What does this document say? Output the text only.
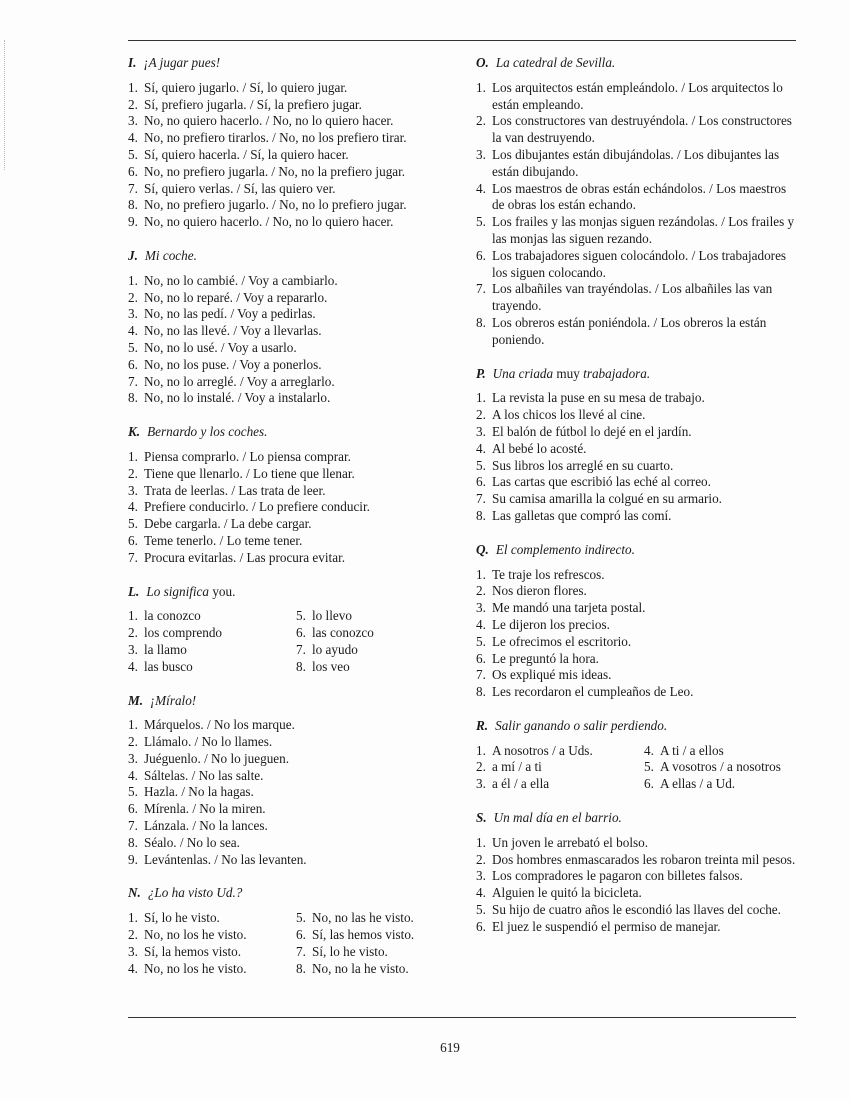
I. ¡A jugar pues!
1. Sí, quiero jugarlo. / Sí, lo quiero jugar.
2. Sí, prefiero jugarla. / Sí, la prefiero jugar.
3. No, no quiero hacerlo. / No, no lo quiero hacer.
4. No, no prefiero tirarlos. / No, no los prefiero tirar.
5. Sí, quiero hacerla. / Sí, la quiero hacer.
6. No, no prefiero jugarla. / No, no la prefiero jugar.
7. Sí, quiero verlas. / Sí, las quiero ver.
8. No, no prefiero jugarlo. / No, no lo prefiero jugar.
9. No, no quiero hacerlo. / No, no lo quiero hacer.
J. Mi coche.
1. No, no lo cambié. / Voy a cambiarlo.
2. No, no lo reparé. / Voy a repararlo.
3. No, no las pedí. / Voy a pedirlas.
4. No, no las llevé. / Voy a llevarlas.
5. No, no lo usé. / Voy a usarlo.
6. No, no los puse. / Voy a ponerlos.
7. No, no lo arreglé. / Voy a arreglarlo.
8. No, no lo instalé. / Voy a instalarlo.
K. Bernardo y los coches.
1. Piensa comprarlo. / Lo piensa comprar.
2. Tiene que llenarlo. / Lo tiene que llenar.
3. Trata de leerlas. / Las trata de leer.
4. Prefiere conducirlo. / Lo prefiere conducir.
5. Debe cargarla. / La debe cargar.
6. Teme tenerlo. / Lo teme tener.
7. Procura evitarlas. / Las procura evitar.
L. Lo significa you.
1. la conozco	5. lo llevo
2. los comprendo	6. las conozco
3. la llamo	7. lo ayudo
4. las busco	8. los veo
M. ¡Míralo!
1. Márquelos. / No los marque.
2. Llámalo. / No lo llames.
3. Juéguenlo. / No lo jueguen.
4. Sáltelas. / No las salte.
5. Hazla. / No la hagas.
6. Mírenla. / No la miren.
7. Lánzala. / No la lances.
8. Séalo. / No lo sea.
9. Levántenlas. / No las levanten.
N. ¿Lo ha visto Ud.?
1. Sí, lo he visto.	5. No, no las he visto.
2. No, no los he visto.	6. Sí, las hemos visto.
3. Sí, la hemos visto.	7. Sí, lo he visto.
4. No, no los he visto.	8. No, no la he visto.
O. La catedral de Sevilla.
1. Los arquitectos están empleándolo. / Los arquitectos lo están empleando.
2. Los constructores van destruyéndola. / Los constructores la van destruyendo.
3. Los dibujantes están dibujándolas. / Los dibujantes las están dibujando.
4. Los maestros de obras están echándolos. / Los maestros de obras los están echando.
5. Los frailes y las monjas siguen rezándolas. / Los frailes y las monjas las siguen rezando.
6. Los trabajadores siguen colocándolo. / Los trabajadores los siguen colocando.
7. Los albañiles van trayéndolas. / Los albañiles las van trayendo.
8. Los obreros están poniéndola. / Los obreros la están poniendo.
P. Una criada muy trabajadora.
1. La revista la puse en su mesa de trabajo.
2. A los chicos los llevé al cine.
3. El balón de fútbol lo dejé en el jardín.
4. Al bebé lo acosté.
5. Sus libros los arreglé en su cuarto.
6. Las cartas que escribió las eché al correo.
7. Su camisa amarilla la colgué en su armario.
8. Las galletas que compró las comí.
Q. El complemento indirecto.
1. Te traje los refrescos.
2. Nos dieron flores.
3. Me mandó una tarjeta postal.
4. Le dijeron los precios.
5. Le ofrecimos el escritorio.
6. Le preguntó la hora.
7. Os expliqué mis ideas.
8. Les recordaron el cumpleaños de Leo.
R. Salir ganando o salir perdiendo.
1. A nosotros / a Uds.	4. A ti / a ellos
2. a mí / a ti	5. A vosotros / a nosotros
3. a él / a ella	6. A ellas / a Ud.
S. Un mal día en el barrio.
1. Un joven le arrebató el bolso.
2. Dos hombres enmascarados les robaron treinta mil pesos.
3. Los compradores le pagaron con billetes falsos.
4. Alguien le quitó la bicicleta.
5. Su hijo de cuatro años le escondió las llaves del coche.
6. El juez le suspendió el permiso de manejar.
619
